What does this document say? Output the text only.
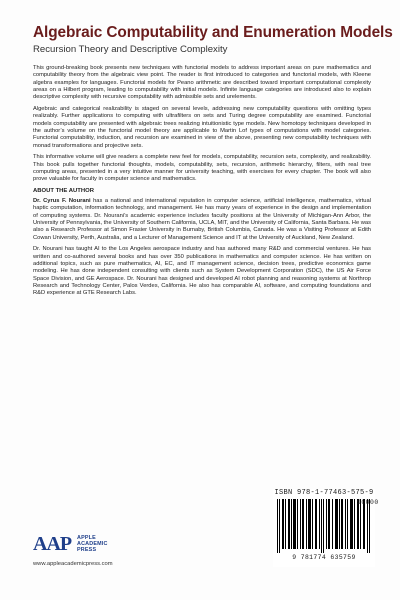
Algebraic Computability and Enumeration Models
Recursion Theory and Descriptive Complexity

This ground-breaking book presents new techniques with functorial models to address important areas on pure mathematics and computability theory from the algebraic view point. The reader is first introduced to categories and functorial models, with Kleene algebra examples for languages. Functorial models for Peano arithmetic are described toward important computational complexity areas on a Hilbert program, leading to computability with initial models. Infinite language categories are introduced also to explain descriptive complexity with recursive computability with admissible sets and urelements.

Algebraic and categorical realizability is staged on several levels, addressing new computability questions with omitting types realizably. Further applications to computing with ultrafilters on sets and Turing degree computability are examined. Functorial models computability are presented with algebraic trees realizing intuitionistic type models. New homotopy techniques developed in the author’s volume on the functorial model theory are applicable to Martin Lof types of computations with model categories. Functorial computability, induction, and recursion are examined in view of the above, presenting new computability techniques with monad transformations and projective sets.

This informative volume will give readers a complete new feel for models, computability, recursion sets, complexity, and realizability. This book pulls together functorial thoughts, models, computability, sets, recursion, arithmetic hierarchy, filters, with real tree computing areas, presented in a very intuitive manner for university teaching, with exercises for every chapter. The book will also prove valuable for faculty in computer science and mathematics.

ABOUT THE AUTHOR

Dr. Cyrus F. Nourani has a national and international reputation in computer science, artificial intelligence, mathematics, virtual haptic computation, information technology, and management. He has many years of experience in the design and implementation of computing systems. Dr. Nourani’s academic experience includes faculty positions at the University of Michigan-Ann Arbor, the University of Pennsylvania, the University of Southern California, UCLA, MIT, and the University of California, Santa Barbara. He was also a Research Professor at Simon Frasier University in Burnaby, British Columbia, Canada. He was a Visiting Professor at Edith Cowan University, Perth, Australia, and a Lecturer of Management Science and IT at the University of Auckland, New Zealand.

Dr. Nourani has taught AI to the Los Angeles aerospace industry and has authored many R&D and commercial ventures. He has written and co-authored several books and has over 350 publications in mathematics and computer science. He has written on additional topics, such as pure mathematics, AI, EC, and IT management science, decision trees, predictive economics game modeling. He has done independent consulting with clients such as System Development Corporation (SDC), the US Air Force Space Division, and GE Aerospace. Dr. Nourani has designed and developed AI robot planning and reasoning systems at Northrop Research and Technology Center, Palos Verdes, California. He also has comparable AI, software, and computing foundations and R&D experience at GTE Research Labs.

ISBN 978-1-77463-575-9
9 781774 635759
90000
AAP	APPLE
ACADEMIC
PRESS
www.appleacademicpress.com
